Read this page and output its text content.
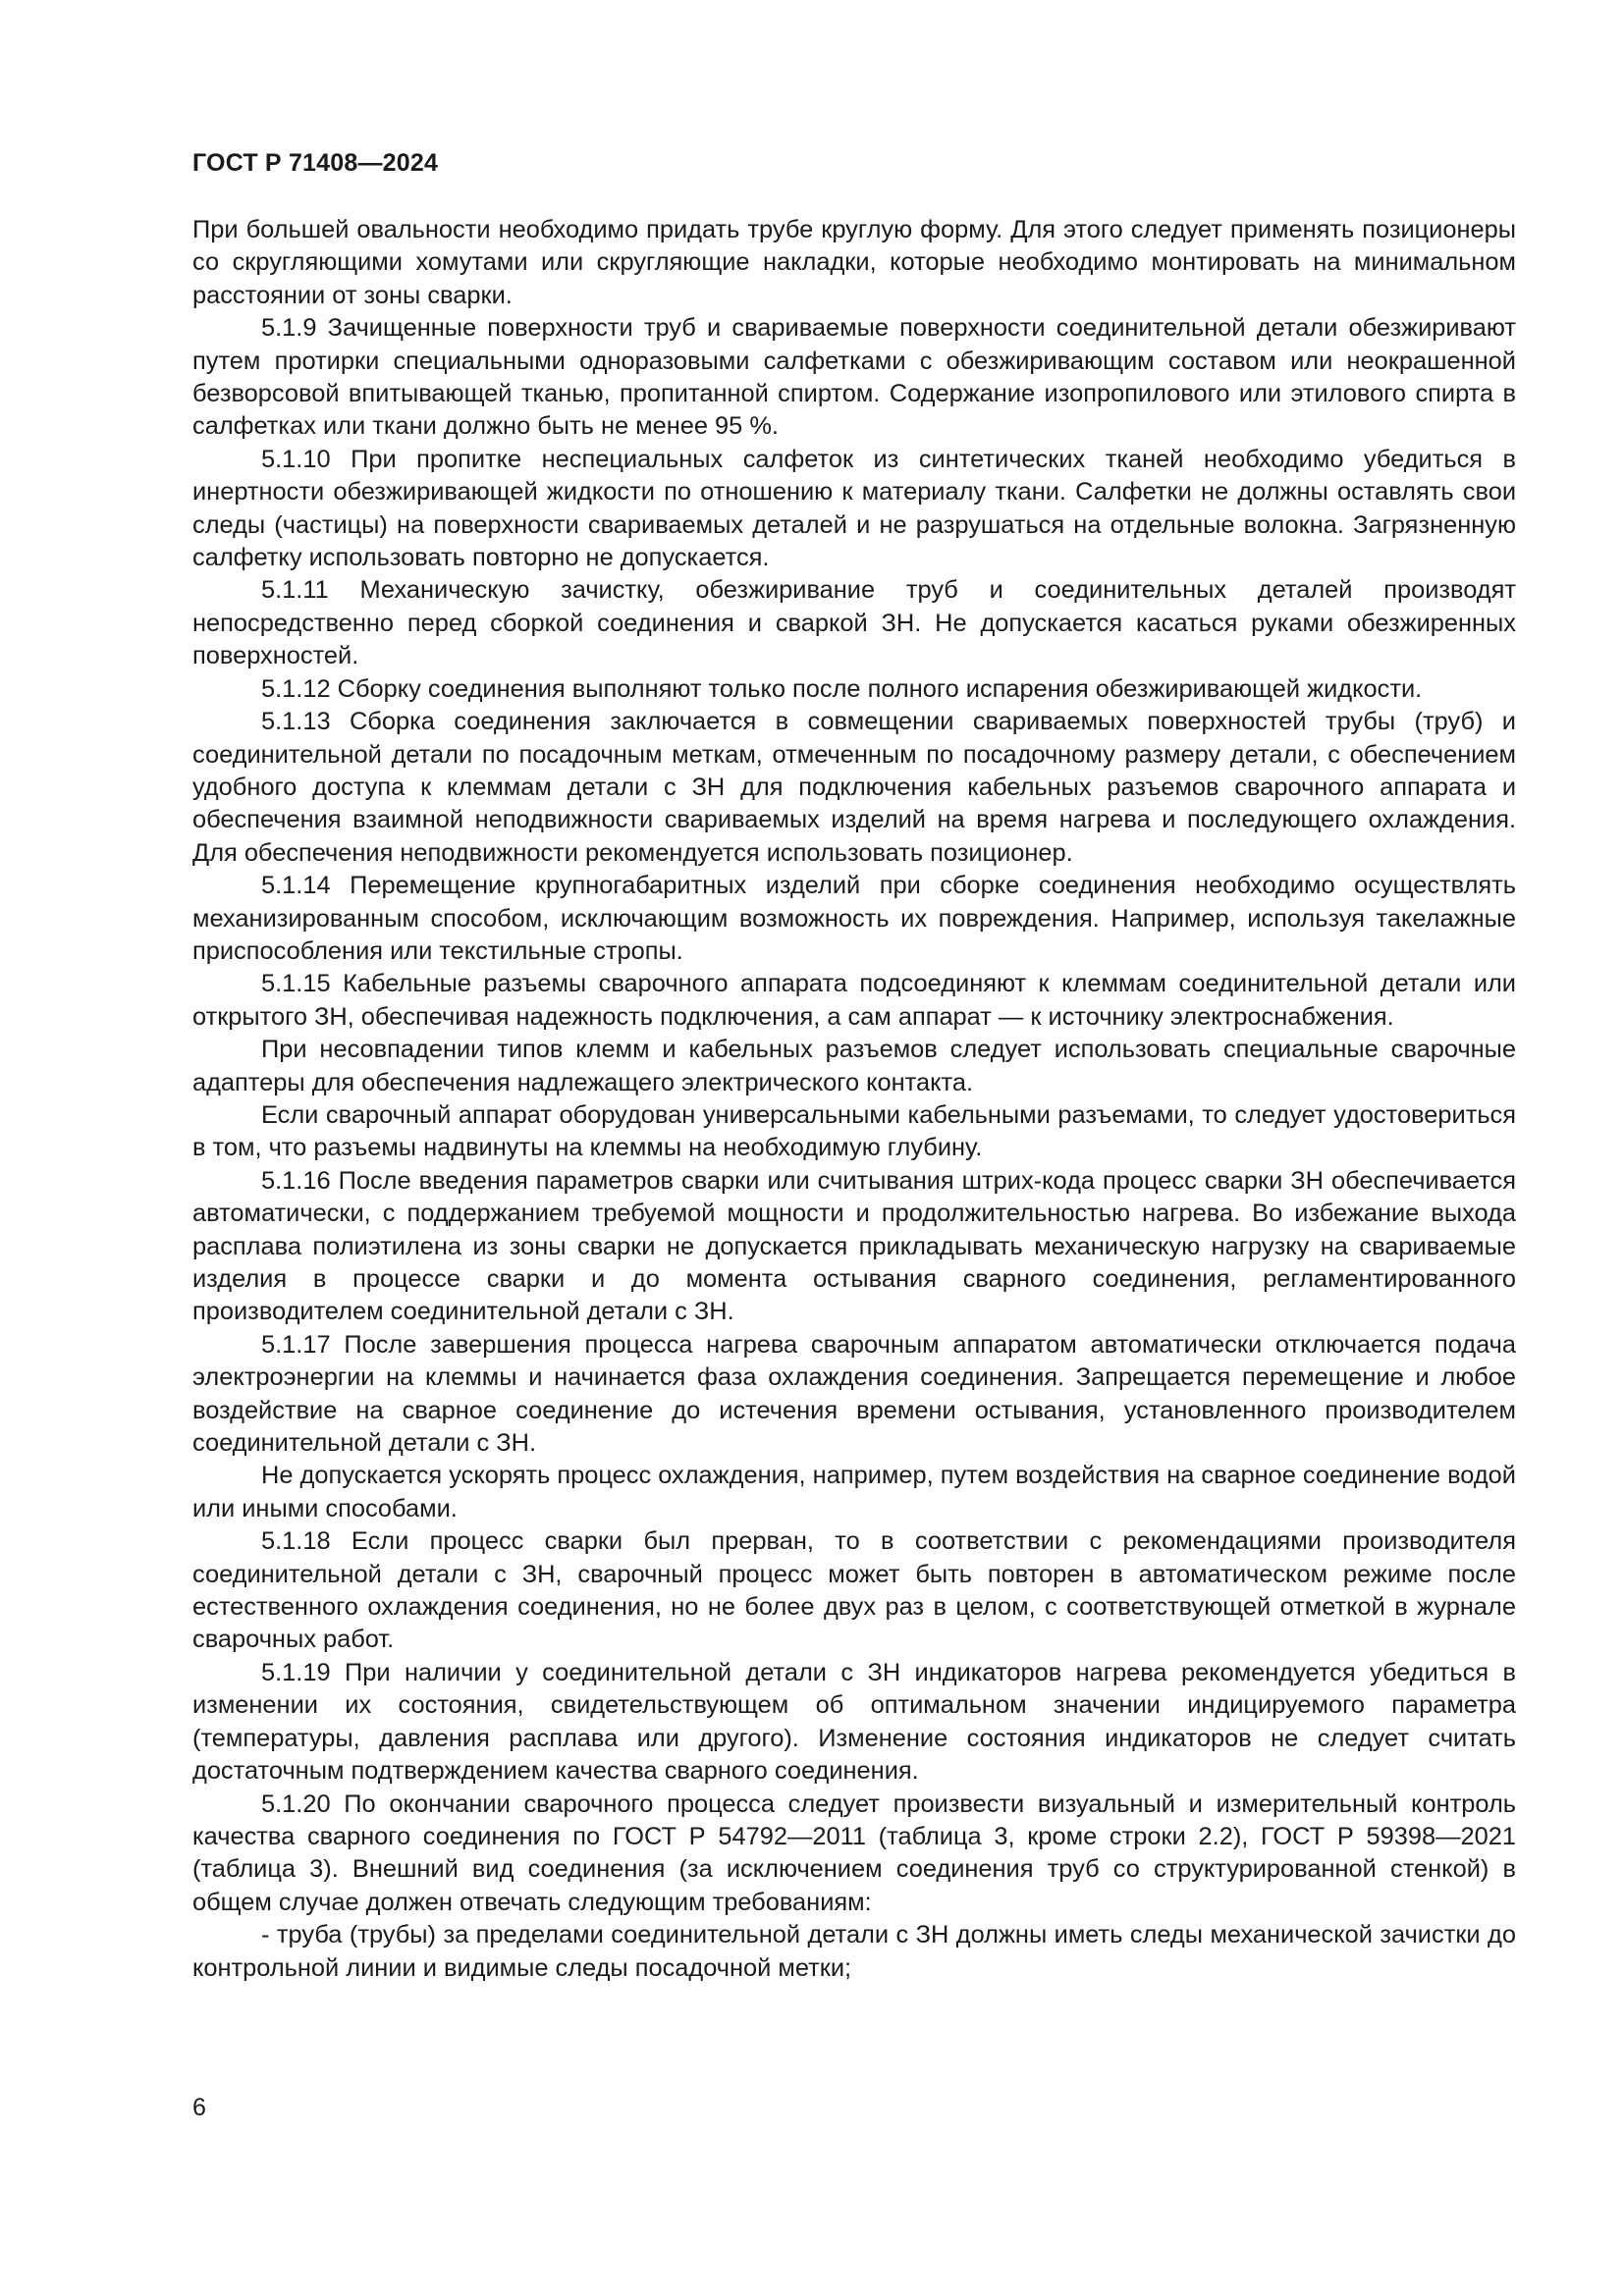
ГОСТ Р 71408—2024

При большей овальности необходимо придать трубе круглую форму. Для этого следует применять позиционеры со скругляющими хомутами или скругляющие накладки, которые необходимо монтировать на минимальном расстоянии от зоны сварки.

5.1.9 Зачищенные поверхности труб и свариваемые поверхности соединительной детали обезжиривают путем протирки специальными одноразовыми салфетками с обезжиривающим составом или неокрашенной безворсовой впитывающей тканью, пропитанной спиртом. Содержание изопропилового или этилового спирта в салфетках или ткани должно быть не менее 95 %.

5.1.10 При пропитке неспециальных салфеток из синтетических тканей необходимо убедиться в инертности обезжиривающей жидкости по отношению к материалу ткани. Салфетки не должны оставлять свои следы (частицы) на поверхности свариваемых деталей и не разрушаться на отдельные волокна. Загрязненную салфетку использовать повторно не допускается.

5.1.11 Механическую зачистку, обезжиривание труб и соединительных деталей производят непосредственно перед сборкой соединения и сваркой ЗН. Не допускается касаться руками обезжиренных поверхностей.

5.1.12 Сборку соединения выполняют только после полного испарения обезжиривающей жидкости.

5.1.13 Сборка соединения заключается в совмещении свариваемых поверхностей трубы (труб) и соединительной детали по посадочным меткам, отмеченным по посадочному размеру детали, с обеспечением удобного доступа к клеммам детали с ЗН для подключения кабельных разъемов сварочного аппарата и обеспечения взаимной неподвижности свариваемых изделий на время нагрева и последующего охлаждения. Для обеспечения неподвижности рекомендуется использовать позиционер.

5.1.14 Перемещение крупногабаритных изделий при сборке соединения необходимо осуществлять механизированным способом, исключающим возможность их повреждения. Например, используя такелажные приспособления или текстильные стропы.

5.1.15 Кабельные разъемы сварочного аппарата подсоединяют к клеммам соединительной детали или открытого ЗН, обеспечивая надежность подключения, а сам аппарат — к источнику электроснабжения.

При несовпадении типов клемм и кабельных разъемов следует использовать специальные сварочные адаптеры для обеспечения надлежащего электрического контакта.

Если сварочный аппарат оборудован универсальными кабельными разъемами, то следует удостовериться в том, что разъемы надвинуты на клеммы на необходимую глубину.

5.1.16 После введения параметров сварки или считывания штрих-кода процесс сварки ЗН обеспечивается автоматически, с поддержанием требуемой мощности и продолжительностью нагрева. Во избежание выхода расплава полиэтилена из зоны сварки не допускается прикладывать механическую нагрузку на свариваемые изделия в процессе сварки и до момента остывания сварного соединения, регламентированного производителем соединительной детали с ЗН.

5.1.17 После завершения процесса нагрева сварочным аппаратом автоматически отключается подача электроэнергии на клеммы и начинается фаза охлаждения соединения. Запрещается перемещение и любое воздействие на сварное соединение до истечения времени остывания, установленного производителем соединительной детали с ЗН.

Не допускается ускорять процесс охлаждения, например, путем воздействия на сварное соединение водой или иными способами.

5.1.18 Если процесс сварки был прерван, то в соответствии с рекомендациями производителя соединительной детали с ЗН, сварочный процесс может быть повторен в автоматическом режиме после естественного охлаждения соединения, но не более двух раз в целом, с соответствующей отметкой в журнале сварочных работ.

5.1.19 При наличии у соединительной детали с ЗН индикаторов нагрева рекомендуется убедиться в изменении их состояния, свидетельствующем об оптимальном значении индицируемого параметра (температуры, давления расплава или другого). Изменение состояния индикаторов не следует считать достаточным подтверждением качества сварного соединения.

5.1.20 По окончании сварочного процесса следует произвести визуальный и измерительный контроль качества сварного соединения по ГОСТ Р 54792—2011 (таблица 3, кроме строки 2.2), ГОСТ Р 59398—2021 (таблица 3). Внешний вид соединения (за исключением соединения труб со структурированной стенкой) в общем случае должен отвечать следующим требованиям:

- труба (трубы) за пределами соединительной детали с ЗН должны иметь следы механической зачистки до контрольной линии и видимые следы посадочной метки;

6
